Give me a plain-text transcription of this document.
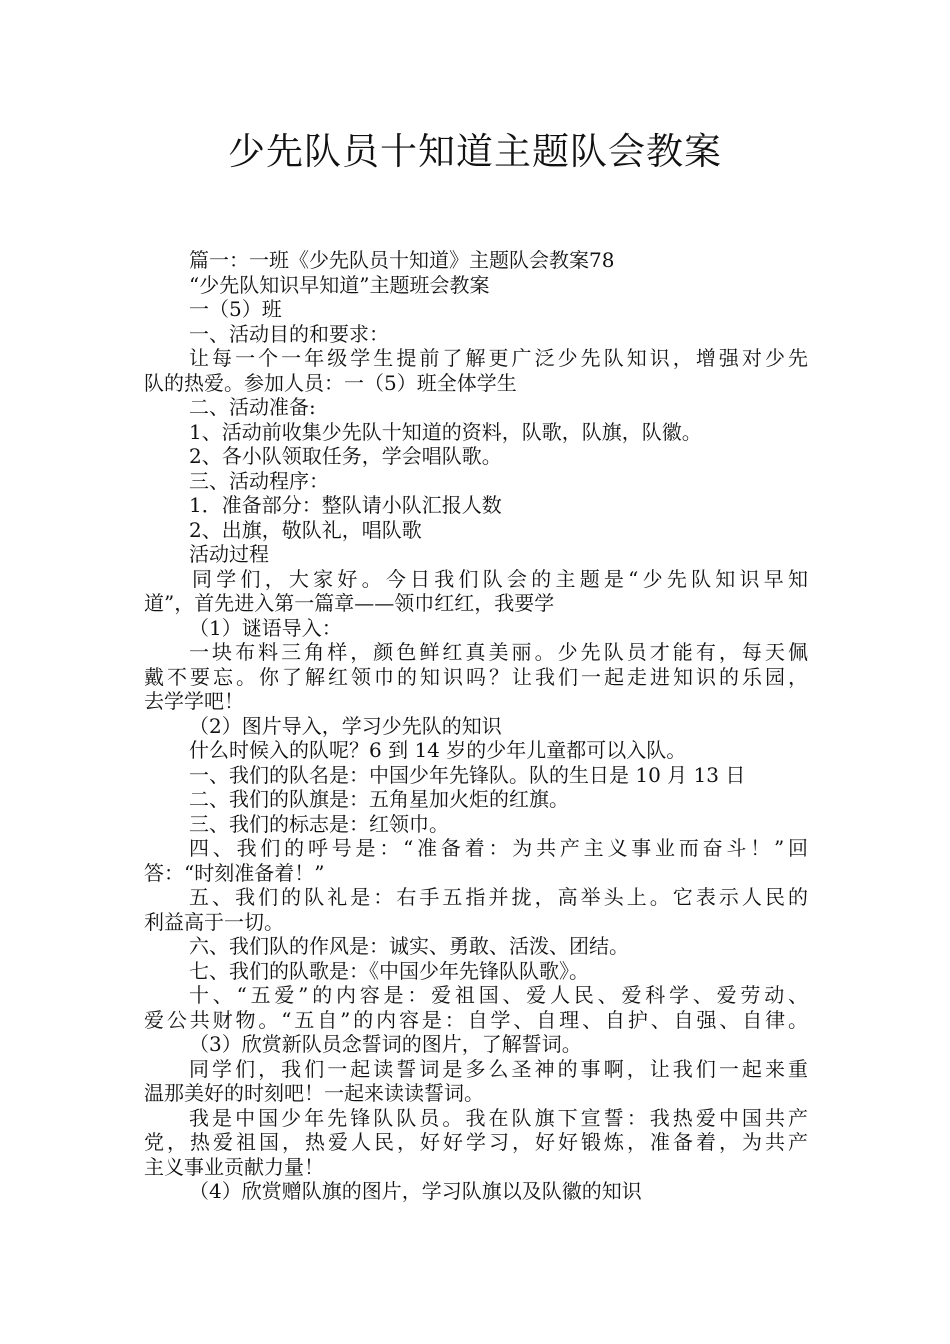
少先队员十知道主题队会教案
篇一：一班《少先队员十知道》主题队会教案78
“少先队知识早知道”主题班会教案
一（5）班
一、活动目的和要求：
让每一个一年级学生提前了解更广泛少先队知识，增强对少先
队的热爱。参加人员：一（5）班全体学生
二、活动准备:
1、活动前收集少先队十知道的资料，队歌，队旗，队徽。
2、各小队领取任务，学会唱队歌。
三、活动程序：
1．准备部分：整队请小队汇报人数
2、出旗，敬队礼，唱队歌
活动过程
同学们，大家好。今日我们队会的主题是“少先队知识早知
道”，首先进入第一篇章——领巾红红，我要学
（1）谜语导入：
一块布料三角样，颜色鲜红真美丽。少先队员才能有，每天佩
戴不要忘。你了解红领巾的知识吗？让我们一起走进知识的乐园，
去学学吧！
（2）图片导入，学习少先队的知识
什么时候入的队呢？6 到 14 岁的少年儿童都可以入队。
一、我们的队名是：中国少年先锋队。队的生日是 10 月 13 日
二、我们的队旗是：五角星加火炬的红旗。
三、我们的标志是：红领巾。
四、我们的呼号是：“准备着：为共产主义事业而奋斗！”回
答：“时刻准备着！”
五、我们的队礼是：右手五指并拢，高举头上。它表示人民的
利益高于一切。
六、我们队的作风是：诚实、勇敢、活泼、团结。
七、我们的队歌是：《中国少年先锋队队歌》。
十、“五爱”的内容是：爱祖国、爱人民、爱科学、爱劳动、
爱公共财物。“五自”的内容是：自学、自理、自护、自强、自律。
（3）欣赏新队员念誓词的图片，了解誓词。
同学们，我们一起读誓词是多么圣神的事啊，让我们一起来重
温那美好的时刻吧！一起来读读誓词。
我是中国少年先锋队队员。我在队旗下宣誓：我热爱中国共产
党，热爱祖国，热爱人民，好好学习，好好锻炼，准备着，为共产
主义事业贡献力量！
（4）欣赏赠队旗的图片，学习队旗以及队徽的知识
